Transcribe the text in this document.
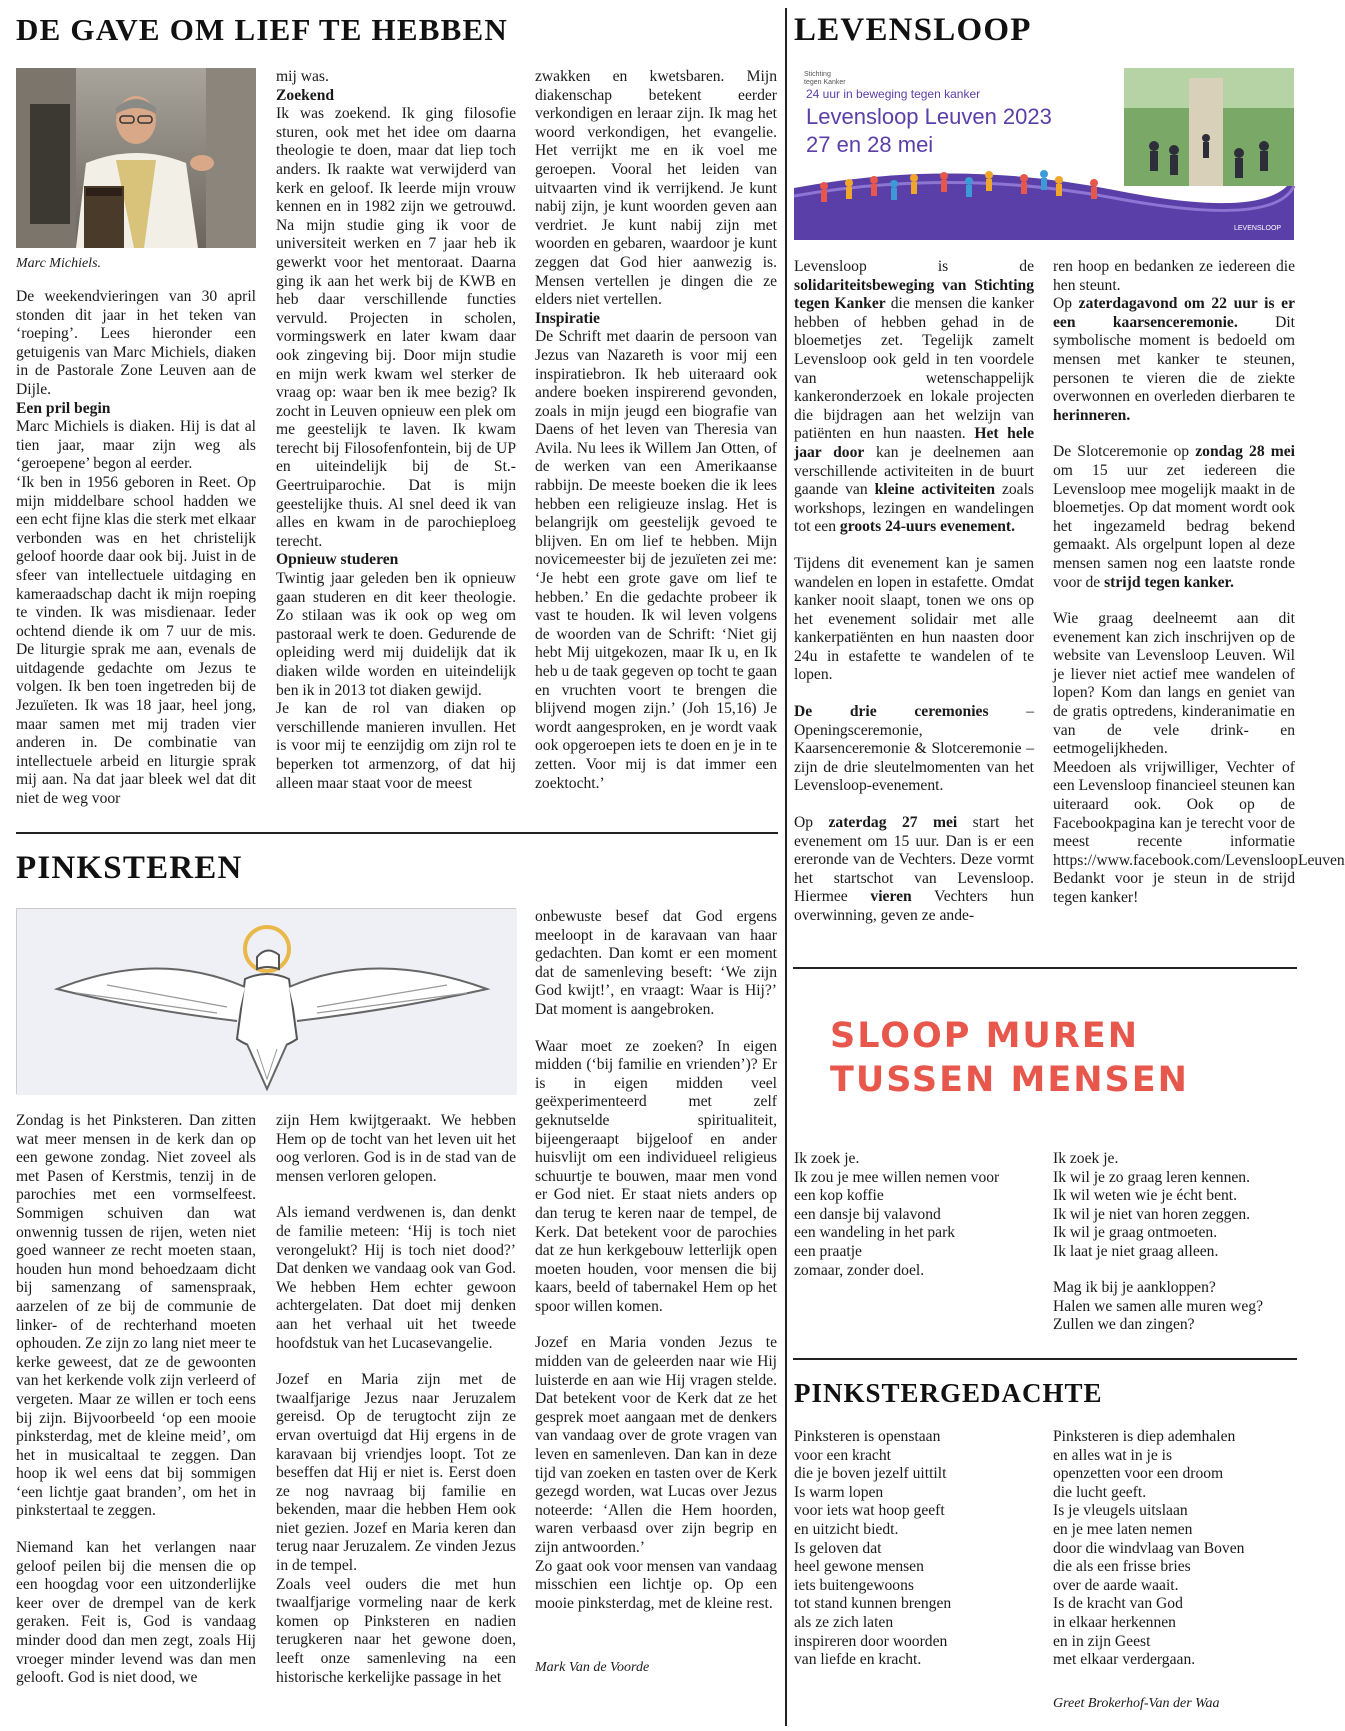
DE GAVE OM LIEF TE HEBBEN
Marc Michiels.

De weekendvieringen van 30 april stonden dit jaar in het teken van ‘roeping’. Lees hieronder een getuigenis van Marc Michiels, diaken in de Pastorale Zone Leuven aan de Dijle.

Een pril begin

Marc Michiels is diaken. Hij is dat al tien jaar, maar zijn weg als ‘geroepene’ begon al eerder.

‘Ik ben in 1956 geboren in Reet. Op mijn middelbare school hadden we een echt fijne klas die sterk met elkaar verbonden was en het christelijk geloof hoorde daar ook bij. Juist in de sfeer van intellectuele uitdaging en kameraadschap dacht ik mijn roeping te vinden. Ik was misdienaar. Ieder ochtend diende ik om 7 uur de mis. De liturgie sprak me aan, evenals de uitdagende gedachte om Jezus te volgen. Ik ben toen ingetreden bij de Jezuïeten. Ik was 18 jaar, heel jong, maar samen met mij traden vier anderen in. De combinatie van intellectuele arbeid en liturgie sprak mij aan. Na dat jaar bleek wel dat dit niet de weg voor

mij was.

Zoekend

Ik was zoekend. Ik ging filosofie sturen, ook met het idee om daarna theologie te doen, maar dat liep toch anders. Ik raakte wat verwijderd van kerk en geloof. Ik leerde mijn vrouw kennen en in 1982 zijn we getrouwd. Na mijn studie ging ik voor de universiteit werken en 7 jaar heb ik gewerkt voor het mentoraat. Daarna ging ik aan het werk bij de KWB en heb daar verschillende functies vervuld. Projecten in scholen, vormingswerk en later kwam daar ook zingeving bij. Door mijn studie en mijn werk kwam wel sterker de vraag op: waar ben ik mee bezig? Ik zocht in Leuven opnieuw een plek om me geestelijk te laven. Ik kwam terecht bij Filosofenfontein, bij de UP en uiteindelijk bij de St.-Geertruiparochie. Dat is mijn geestelijke thuis. Al snel deed ik van alles en kwam in de parochieploeg terecht.

Opnieuw studeren

Twintig jaar geleden ben ik opnieuw gaan studeren en dit keer theologie. Zo stilaan was ik ook op weg om pastoraal werk te doen. Gedurende de opleiding werd mij duidelijk dat ik diaken wilde worden en uiteindelijk ben ik in 2013 tot diaken gewijd.

Je kan de rol van diaken op verschillende manieren invullen. Het is voor mij te eenzijdig om zijn rol te beperken tot armenzorg, of dat hij alleen maar staat voor de meest

zwakken en kwetsbaren. Mijn diakenschap betekent eerder verkondigen en leraar zijn. Ik mag het woord verkondigen, het evangelie. Het verrijkt me en ik voel me geroepen. Vooral het leiden van uitvaarten vind ik verrijkend. Je kunt nabij zijn, je kunt woorden geven aan verdriet. Je kunt nabij zijn met woorden en gebaren, waardoor je kunt zeggen dat God hier aanwezig is. Mensen vertellen je dingen die ze elders niet vertellen.

Inspiratie

De Schrift met daarin de persoon van Jezus van Nazareth is voor mij een inspiratiebron. Ik heb uiteraard ook andere boeken inspirerend gevonden, zoals in mijn jeugd een biografie van Daens of het leven van Theresia van Avila. Nu lees ik Willem Jan Otten, of de werken van een Amerikaanse rabbijn. De meeste boeken die ik lees hebben een religieuze inslag. Het is belangrijk om geestelijk gevoed te blijven. En om lief te hebben. Mijn novicemeester bij de jezuïeten zei me: ‘Je hebt een grote gave om lief te hebben.’ En die gedachte probeer ik vast te houden. Ik wil leven volgens de woorden van de Schrift: ‘Niet gij hebt Mij uitgekozen, maar Ik u, en Ik heb u de taak gegeven op tocht te gaan en vruchten voort te brengen die blijvend mogen zijn.’ (Joh 15,16) Je wordt aangesproken, en je wordt vaak ook opgeroepen iets te doen en je in te zetten. Voor mij is dat immer een zoektocht.’

LEVENSLOOP
Stichting
tegen Kanker
24 uur in beweging tegen kanker
Levensloop Leuven 2023
27 en 28 mei
LEVENSLOOP

Levensloop is de solidariteitsbeweging van Stichting tegen Kanker die mensen die kanker hebben of hebben gehad in de bloemetjes zet. Tegelijk zamelt Levensloop ook geld in ten voordele van wetenschappelijk kankeronderzoek en lokale projecten die bijdragen aan het welzijn van patiënten en hun naasten. Het hele jaar door kan je deelnemen aan verschillende activiteiten in de buurt gaande van kleine activiteiten zoals workshops, lezingen en wandelingen tot een groots 24-uurs evenement.

Tijdens dit evenement kan je samen wandelen en lopen in estafette. Omdat kanker nooit slaapt, tonen we ons op het evenement solidair met alle kankerpatiënten en hun naasten door 24u in estafette te wandelen of te lopen.

De drie ceremonies – Openingsceremonie, Kaarsenceremonie & Slotceremonie – zijn de drie sleutelmomenten van het Levensloop-evenement.

Op zaterdag 27 mei start het evenement om 15 uur. Dan is er een ereronde van de Vechters. Deze vormt het startschot van Levensloop. Hiermee vieren Vechters hun overwinning, geven ze ande-

ren hoop en bedanken ze iedereen die hen steunt.

Op zaterdagavond om 22 uur is er een kaarsenceremonie. Dit symbolische moment is bedoeld om mensen met kanker te steunen, personen te vieren die de ziekte overwonnen en overleden dierbaren te herinneren.

De Slotceremonie op zondag 28 mei om 15 uur zet iedereen die Levensloop mee mogelijk maakt in de bloemetjes. Op dat moment wordt ook het ingezameld bedrag bekend gemaakt. Als orgelpunt lopen al deze mensen samen nog een laatste ronde voor de strijd tegen kanker.

Wie graag deelneemt aan dit evenement kan zich inschrijven op de website van Levensloop Leuven. Wil je liever niet actief mee wandelen of lopen? Kom dan langs en geniet van de gratis optredens, kinderanimatie en van de vele drink- en eetmogelijkheden.

Meedoen als vrijwilliger, Vechter of een Levensloop financieel steunen kan uiteraard ook. Ook op de Facebookpagina kan je terecht voor de meest recente informatie https://www.facebook.com/LevensloopLeuven

Bedankt voor je steun in de strijd tegen kanker!

PINKSTEREN

Zondag is het Pinksteren. Dan zitten wat meer mensen in de kerk dan op een gewone zondag. Niet zoveel als met Pasen of Kerstmis, tenzij in de parochies met een vormselfeest. Sommigen schuiven dan wat onwennig tussen de rijen, weten niet goed wanneer ze recht moeten staan, houden hun mond behoedzaam dicht bij samenzang of samenspraak, aarzelen of ze bij de communie de linker- of de rechterhand moeten ophouden. Ze zijn zo lang niet meer te kerke geweest, dat ze de gewoonten van het kerkende volk zijn verleerd of vergeten. Maar ze willen er toch eens bij zijn. Bijvoorbeeld ‘op een mooie pinksterdag, met de kleine meid’, om het in musicaltaal te zeggen. Dan hoop ik wel eens dat bij sommigen ‘een lichtje gaat branden’, om het in pinkstertaal te zeggen.

Niemand kan het verlangen naar geloof peilen bij die mensen die op een hoogdag voor een uitzonderlijke keer over de drempel van de kerk geraken. Feit is, God is vandaag minder dood dan men zegt, zoals Hij vroeger minder levend was dan men gelooft. God is niet dood, we

zijn Hem kwijtgeraakt. We hebben Hem op de tocht van het leven uit het oog verloren. God is in de stad van de mensen verloren gelopen.

Als iemand verdwenen is, dan denkt de familie meteen: ‘Hij is toch niet verongelukt? Hij is toch niet dood?’ Dat denken we vandaag ook van God. We hebben Hem echter gewoon achtergelaten. Dat doet mij denken aan het verhaal uit het tweede hoofdstuk van het Lucasevangelie.

Jozef en Maria zijn met de twaalfjarige Jezus naar Jeruzalem gereisd. Op de terugtocht zijn ze ervan overtuigd dat Hij ergens in de karavaan bij vriendjes loopt. Tot ze beseffen dat Hij er niet is. Eerst doen ze nog navraag bij familie en bekenden, maar die hebben Hem ook niet gezien. Jozef en Maria keren dan terug naar Jeruzalem. Ze vinden Jezus in de tempel.

Zoals veel ouders die met hun twaalfjarige vormeling naar de kerk komen op Pinksteren en nadien terugkeren naar het gewone doen, leeft onze samenleving na een historische kerkelijke passage in het

onbewuste besef dat God ergens meeloopt in de karavaan van haar gedachten. Dan komt er een moment dat de samenleving beseft: ‘We zijn God kwijt!’, en vraagt: Waar is Hij?’ Dat moment is aangebroken.

Waar moet ze zoeken? In eigen midden (‘bij familie en vrienden’)? Er is in eigen midden veel geëxperimenteerd met zelf geknutselde spiritualiteit, bijeengeraapt bijgeloof en ander huisvlijt om een individueel religieus schuurtje te bouwen, maar men vond er God niet. Er staat niets anders op dan terug te keren naar de tempel, de Kerk. Dat betekent voor de parochies dat ze hun kerkgebouw letterlijk open moeten houden, voor mensen die bij kaars, beeld of tabernakel Hem op het spoor willen komen.

Jozef en Maria vonden Jezus te midden van de geleerden naar wie Hij luisterde en aan wie Hij vragen stelde. Dat betekent voor de Kerk dat ze het gesprek moet aangaan met de denkers van vandaag over de grote vragen van leven en samenleven. Dan kan in deze tijd van zoeken en tasten over de Kerk gezegd worden, wat Lucas over Jezus noteerde: ‘Allen die Hem hoorden, waren verbaasd over zijn begrip en zijn antwoorden.’

Zo gaat ook voor mensen van vandaag misschien een lichtje op. Op een mooie pinksterdag, met de kleine rest.

Mark Van de Voorde
SLOOP MUREN
TUSSEN MENSEN
Ik zoek je.
Ik zou je mee willen nemen voor
een kop koffie
een dansje bij valavond
een wandeling in het park
een praatje
zomaar, zonder doel.
Ik zoek je.
Ik wil je zo graag leren kennen.
Ik wil weten wie je écht bent.
Ik wil je niet van horen zeggen.
Ik wil je graag ontmoeten.
Ik laat je niet graag alleen.
Mag ik bij je aankloppen?
Halen we samen alle muren weg?
Zullen we dan zingen?
PINKSTERGEDACHTE
Pinksteren is openstaan
voor een kracht
die je boven jezelf uittilt
Is warm lopen
voor iets wat hoop geeft
en uitzicht biedt.
Is geloven dat
heel gewone mensen
iets buitengewoons
tot stand kunnen brengen
als ze zich laten
inspireren door woorden
van liefde en kracht.
Pinksteren is diep ademhalen
en alles wat in je is
openzetten voor een droom
die lucht geeft.
Is je vleugels uitslaan
en je mee laten nemen
door die windvlaag van Boven
die als een frisse bries
over de aarde waait.
Is de kracht van God
in elkaar herkennen
en in zijn Geest
met elkaar verdergaan.
Greet Brokerhof-Van der Waa
